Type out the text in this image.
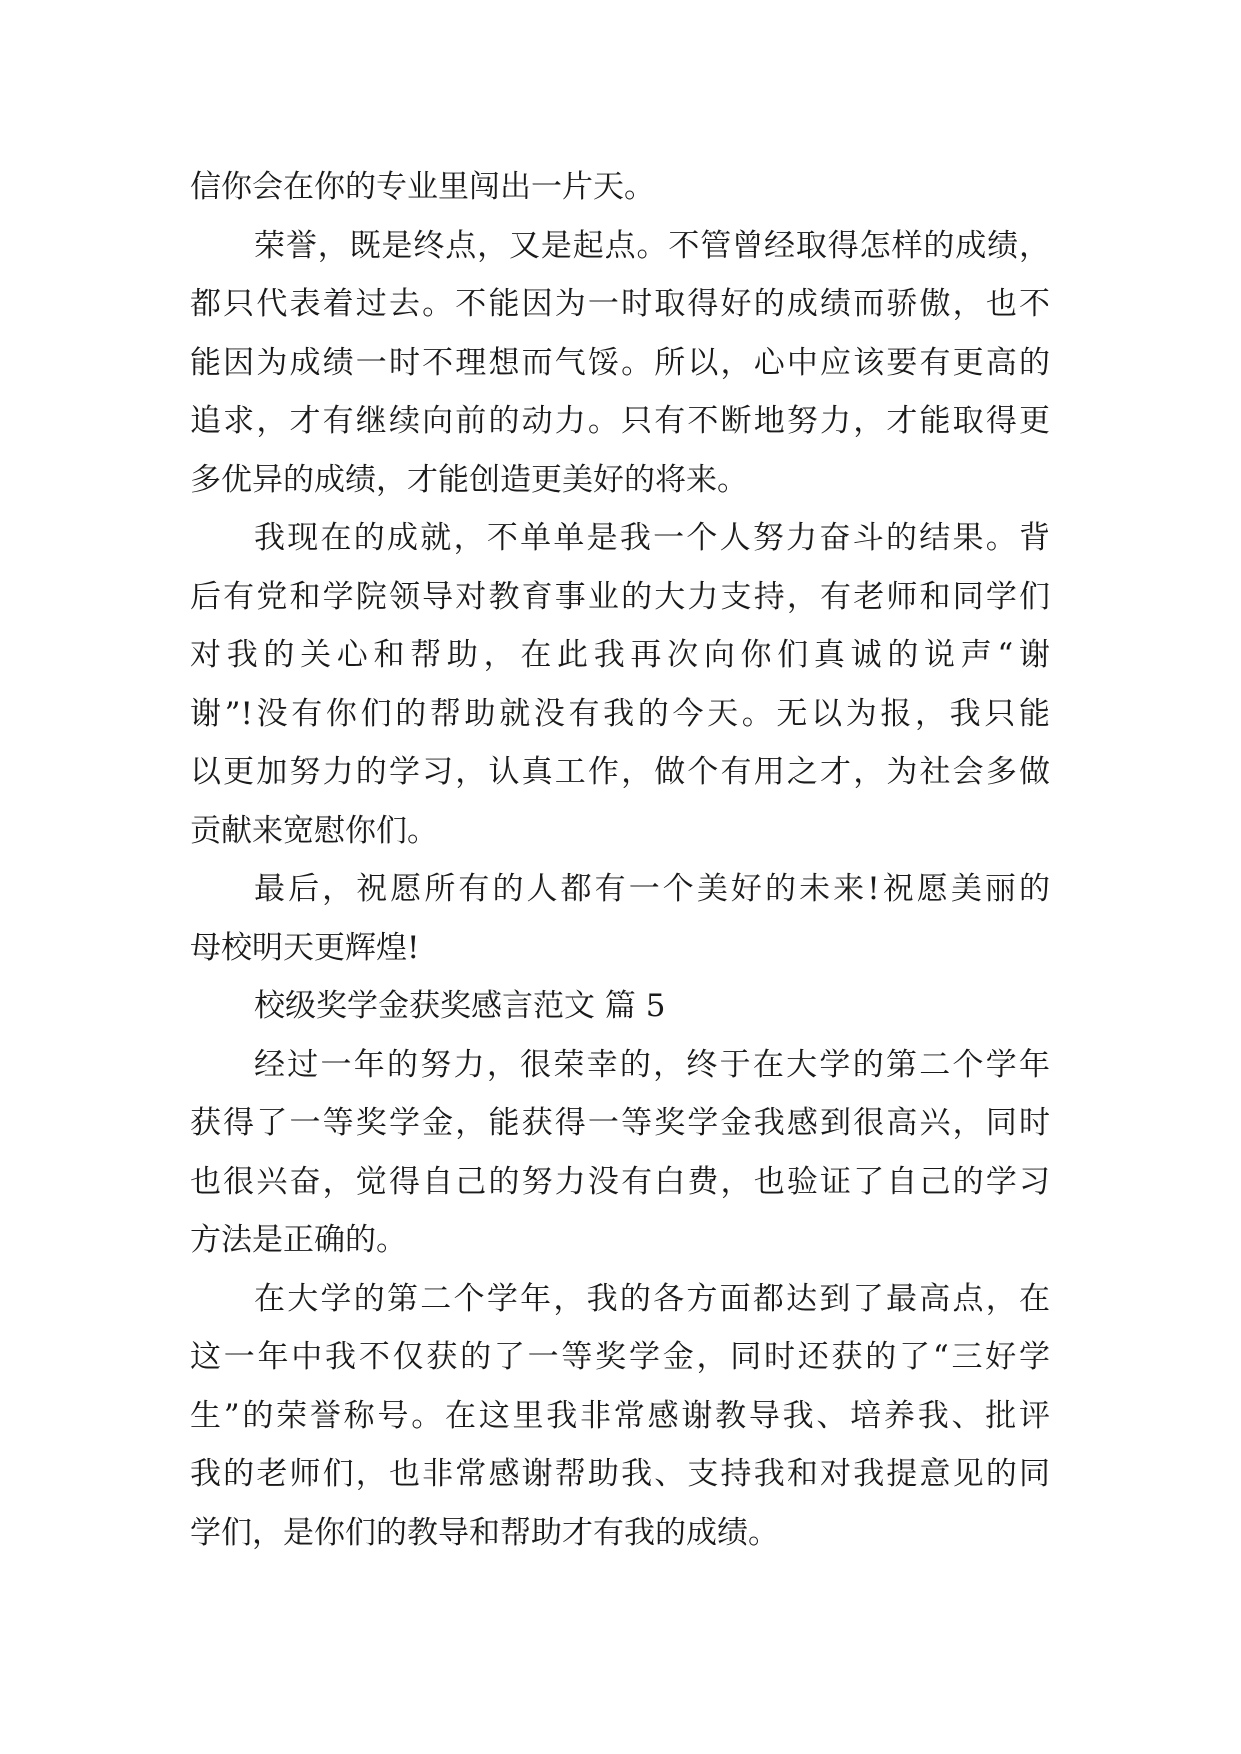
信你会在你的专业里闯出一片天。
荣誉，既是终点，又是起点。不管曾经取得怎样的成绩，
都只代表着过去。不能因为一时取得好的成绩而骄傲，也不
能因为成绩一时不理想而气馁。所以，心中应该要有更高的
追求，才有继续向前的动力。只有不断地努力，才能取得更
多优异的成绩，才能创造更美好的将来。
我现在的成就，不单单是我一个人努力奋斗的结果。背
后有党和学院领导对教育事业的大力支持，有老师和同学们
对我的关心和帮助，在此我再次向你们真诚的说声“谢
谢”!没有你们的帮助就没有我的今天。无以为报，我只能
以更加努力的学习，认真工作，做个有用之才，为社会多做
贡献来宽慰你们。
最后，祝愿所有的人都有一个美好的未来!祝愿美丽的
母校明天更辉煌!
校级奖学金获奖感言范文 篇 5
经过一年的努力，很荣幸的，终于在大学的第二个学年
获得了一等奖学金，能获得一等奖学金我感到很高兴，同时
也很兴奋，觉得自己的努力没有白费，也验证了自己的学习
方法是正确的。
在大学的第二个学年，我的各方面都达到了最高点，在
这一年中我不仅获的了一等奖学金，同时还获的了“三好学
生”的荣誉称号。在这里我非常感谢教导我、培养我、批评
我的老师们，也非常感谢帮助我、支持我和对我提意见的同
学们，是你们的教导和帮助才有我的成绩。
